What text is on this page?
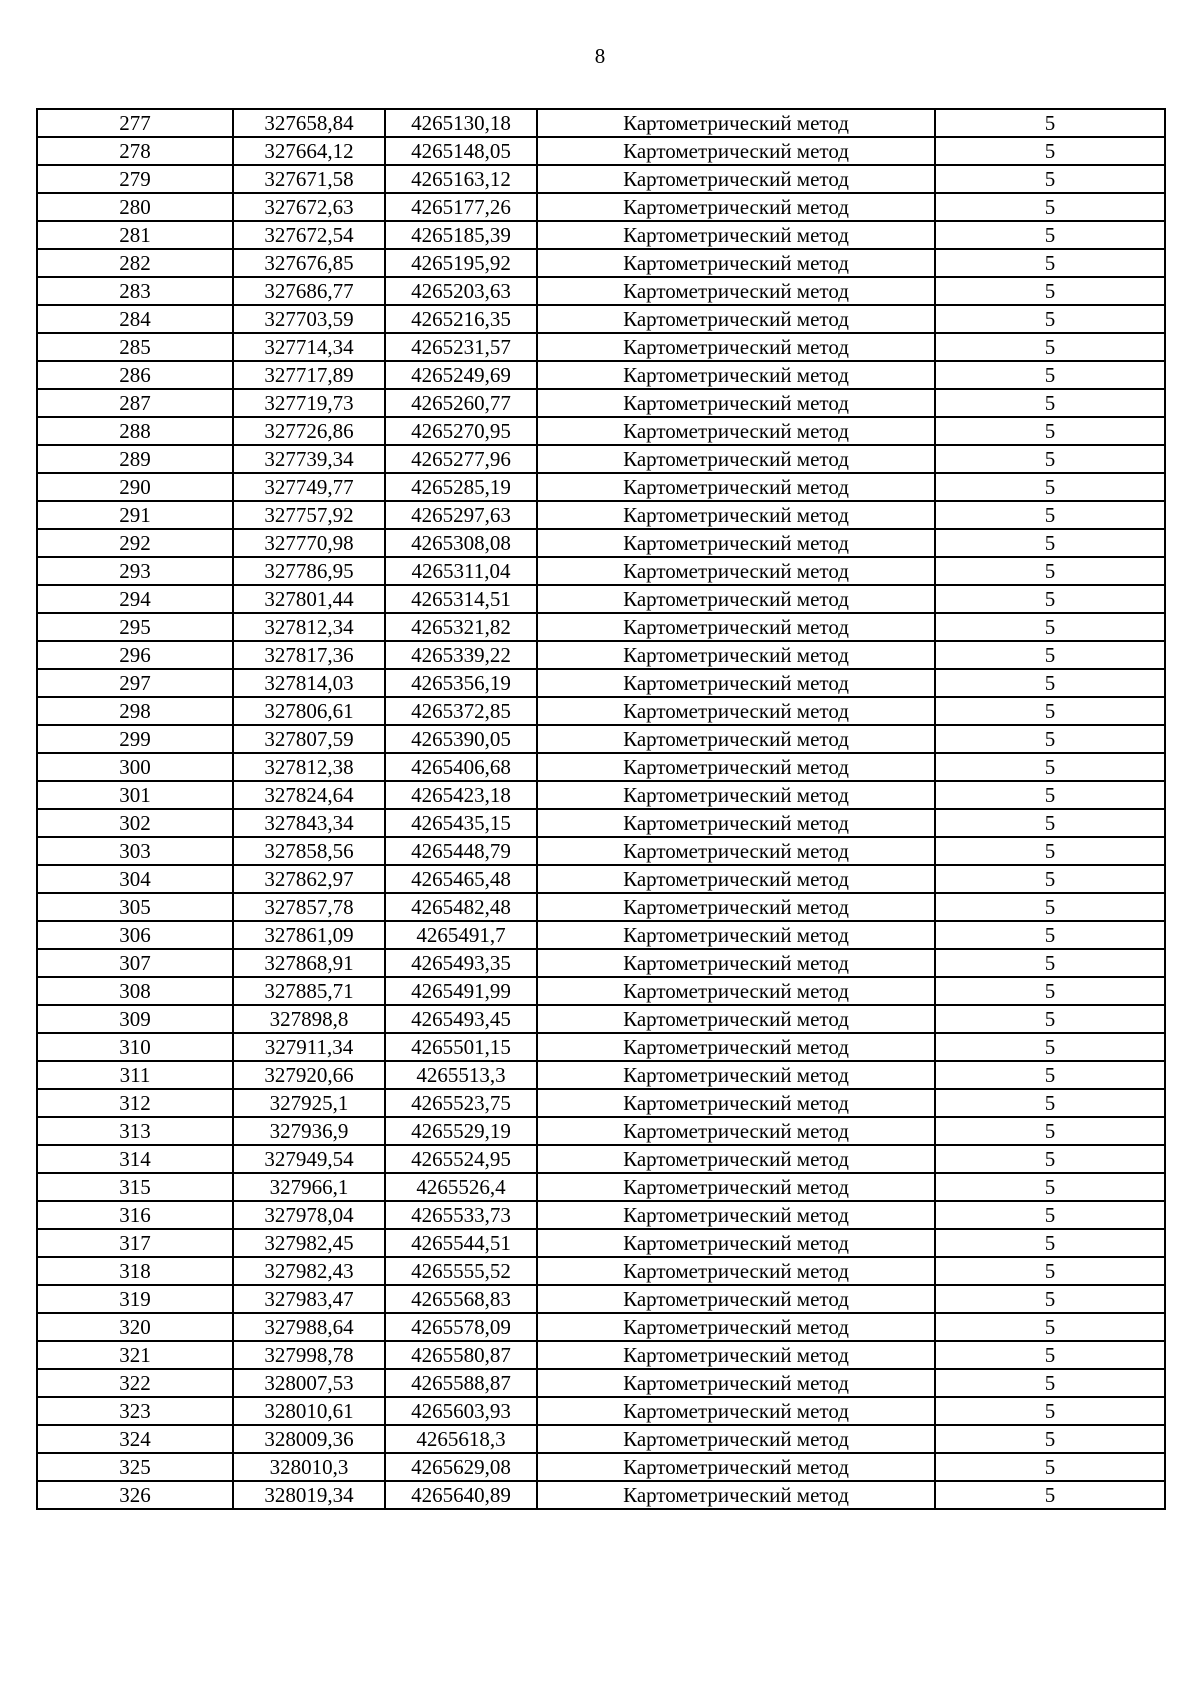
8
277	327658,84	4265130,18	Картометрический метод	5
278	327664,12	4265148,05	Картометрический метод	5
279	327671,58	4265163,12	Картометрический метод	5
280	327672,63	4265177,26	Картометрический метод	5
281	327672,54	4265185,39	Картометрический метод	5
282	327676,85	4265195,92	Картометрический метод	5
283	327686,77	4265203,63	Картометрический метод	5
284	327703,59	4265216,35	Картометрический метод	5
285	327714,34	4265231,57	Картометрический метод	5
286	327717,89	4265249,69	Картометрический метод	5
287	327719,73	4265260,77	Картометрический метод	5
288	327726,86	4265270,95	Картометрический метод	5
289	327739,34	4265277,96	Картометрический метод	5
290	327749,77	4265285,19	Картометрический метод	5
291	327757,92	4265297,63	Картометрический метод	5
292	327770,98	4265308,08	Картометрический метод	5
293	327786,95	4265311,04	Картометрический метод	5
294	327801,44	4265314,51	Картометрический метод	5
295	327812,34	4265321,82	Картометрический метод	5
296	327817,36	4265339,22	Картометрический метод	5
297	327814,03	4265356,19	Картометрический метод	5
298	327806,61	4265372,85	Картометрический метод	5
299	327807,59	4265390,05	Картометрический метод	5
300	327812,38	4265406,68	Картометрический метод	5
301	327824,64	4265423,18	Картометрический метод	5
302	327843,34	4265435,15	Картометрический метод	5
303	327858,56	4265448,79	Картометрический метод	5
304	327862,97	4265465,48	Картометрический метод	5
305	327857,78	4265482,48	Картометрический метод	5
306	327861,09	4265491,7	Картометрический метод	5
307	327868,91	4265493,35	Картометрический метод	5
308	327885,71	4265491,99	Картометрический метод	5
309	327898,8	4265493,45	Картометрический метод	5
310	327911,34	4265501,15	Картометрический метод	5
311	327920,66	4265513,3	Картометрический метод	5
312	327925,1	4265523,75	Картометрический метод	5
313	327936,9	4265529,19	Картометрический метод	5
314	327949,54	4265524,95	Картометрический метод	5
315	327966,1	4265526,4	Картометрический метод	5
316	327978,04	4265533,73	Картометрический метод	5
317	327982,45	4265544,51	Картометрический метод	5
318	327982,43	4265555,52	Картометрический метод	5
319	327983,47	4265568,83	Картометрический метод	5
320	327988,64	4265578,09	Картометрический метод	5
321	327998,78	4265580,87	Картометрический метод	5
322	328007,53	4265588,87	Картометрический метод	5
323	328010,61	4265603,93	Картометрический метод	5
324	328009,36	4265618,3	Картометрический метод	5
325	328010,3	4265629,08	Картометрический метод	5
326	328019,34	4265640,89	Картометрический метод	5
